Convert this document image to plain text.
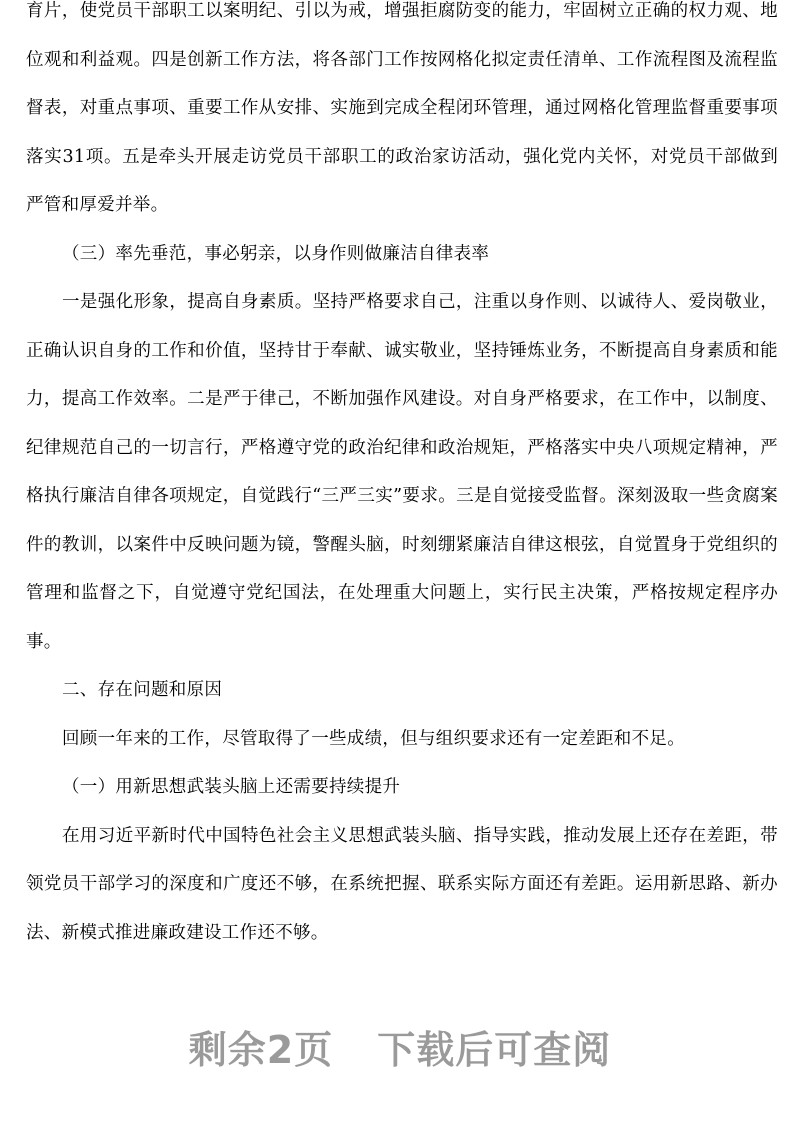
育片，使党员干部职工以案明纪、引以为戒，增强拒腐防变的能力，牢固树立正确的权力观、地位观和利益观。四是创新工作方法，将各部门工作按网格化拟定责任清单、工作流程图及流程监督表，对重点事项、重要工作从安排、实施到完成全程闭环管理，通过网格化管理监督重要事项落实31项。五是牵头开展走访党员干部职工的政治家访活动，强化党内关怀，对党员干部做到严管和厚爱并举。

（三）率先垂范，事必躬亲，以身作则做廉洁自律表率

一是强化形象，提高自身素质。坚持严格要求自己，注重以身作则、以诚待人、爱岗敬业，正确认识自身的工作和价值，坚持甘于奉献、诚实敬业，坚持锤炼业务，不断提高自身素质和能力，提高工作效率。二是严于律己，不断加强作风建设。对自身严格要求，在工作中，以制度、纪律规范自己的一切言行，严格遵守党的政治纪律和政治规矩，严格落实中央八项规定精神，严格执行廉洁自律各项规定，自觉践行“三严三实”要求。三是自觉接受监督。深刻汲取一些贪腐案件的教训，以案件中反映问题为镜，警醒头脑，时刻绷紧廉洁自律这根弦，自觉置身于党组织的管理和监督之下，自觉遵守党纪国法，在处理重大问题上，实行民主决策，严格按规定程序办事。

二、存在问题和原因

回顾一年来的工作，尽管取得了一些成绩，但与组织要求还有一定差距和不足。

（一）用新思想武装头脑上还需要持续提升

在用习近平新时代中国特色社会主义思想武装头脑、指导实践，推动发展上还存在差距，带领党员干部学习的深度和广度还不够，在系统把握、联系实际方面还有差距。运用新思路、新办法、新模式推进廉政建设工作还不够。

剩余2页 下载后可查阅
